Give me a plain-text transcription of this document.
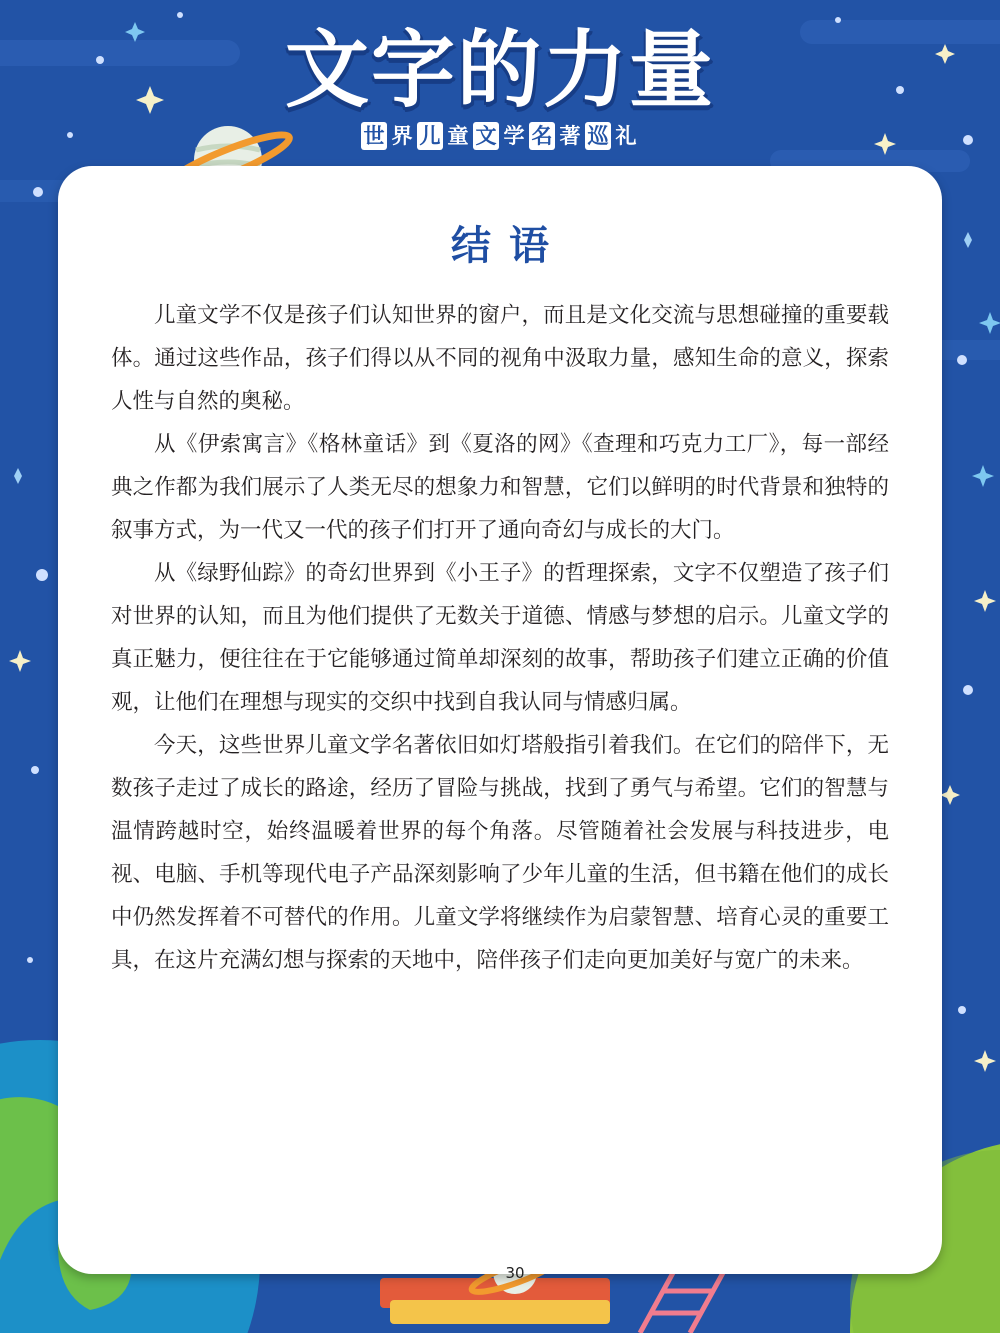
文字的力量
世 界 儿 童 文 学 名 著 巡 礼
结语

儿童文学不仅是孩子们认知世界的窗户，而且是文化交流与思想碰撞的重要载体。通过这些作品，孩子们得以从不同的视角中汲取力量，感知生命的意义，探索人性与自然的奥秘。

从《伊索寓言》《格林童话》到《夏洛的网》《查理和巧克力工厂》，每一部经典之作都为我们展示了人类无尽的想象力和智慧，它们以鲜明的时代背景和独特的叙事方式，为一代又一代的孩子们打开了通向奇幻与成长的大门。

从《绿野仙踪》的奇幻世界到《小王子》的哲理探索，文字不仅塑造了孩子们对世界的认知，而且为他们提供了无数关于道德、情感与梦想的启示。儿童文学的真正魅力，便往往在于它能够通过简单却深刻的故事，帮助孩子们建立正确的价值观，让他们在理想与现实的交织中找到自我认同与情感归属。

今天，这些世界儿童文学名著依旧如灯塔般指引着我们。在它们的陪伴下，无数孩子走过了成长的路途，经历了冒险与挑战，找到了勇气与希望。它们的智慧与温情跨越时空，始终温暖着世界的每个角落。尽管随着社会发展与科技进步，电视、电脑、手机等现代电子产品深刻影响了少年儿童的生活，但书籍在他们的成长中仍然发挥着不可替代的作用。儿童文学将继续作为启蒙智慧、培育心灵的重要工具，在这片充满幻想与探索的天地中，陪伴孩子们走向更加美好与宽广的未来。

30
